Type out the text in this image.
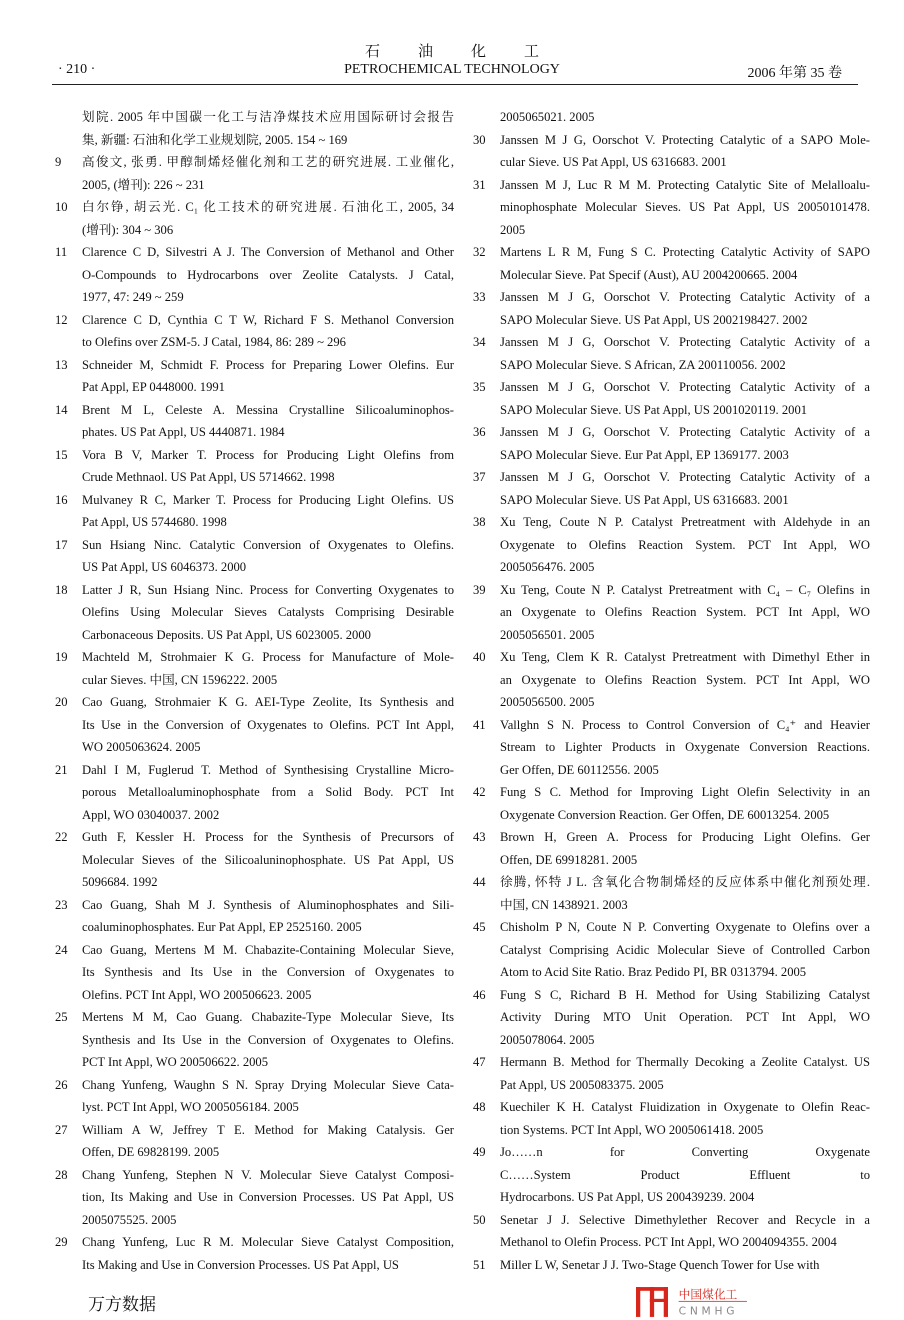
石油化工
· 210 ·	PETROCHEMICAL TECHNOLOGY	2006 年第 35 卷
划院. 2005 年中国碳一化工与洁净煤技术应用国际研讨会报告
集, 新疆: 石油和化学工业规划院, 2005. 154 ~ 169
9 高俊文, 张勇. 甲醇制烯烃催化剂和工艺的研究进展. 工业催化,
2005, (增刊): 226 ~ 231
10 白尔铮, 胡云光. C₁ 化工技术的研究进展. 石油化工, 2005, 34
(增刊): 304 ~ 306
11 Clarence C D, Silvestri A J. The Conversion of Methanol and Other
O-Compounds to Hydrocarbons over Zeolite Catalysts. J Catal,
1977, 47: 249 ~ 259
12 Clarence C D, Cynthia C T W, Richard F S. Methanol Conversion
to Olefins over ZSM-5. J Catal, 1984, 86: 289 ~ 296
13 Schneider M, Schmidt F. Process for Preparing Lower Olefins. Eur
Pat Appl, EP 0448000. 1991
14 Brent M L, Celeste A. Messina Crystalline Silicoaluminophos-
phates. US Pat Appl, US 4440871. 1984
15 Vora B V, Marker T. Process for Producing Light Olefins from
Crude Methnaol. US Pat Appl, US 5714662. 1998
16 Mulvaney R C, Marker T. Process for Producing Light Olefins. US
Pat Appl, US 5744680. 1998
17 Sun Hsiang Ninc. Catalytic Conversion of Oxygenates to Olefins.
US Pat Appl, US 6046373. 2000
18 Latter J R, Sun Hsiang Ninc. Process for Converting Oxygenates to
Olefins Using Molecular Sieves Catalysts Comprising Desirable
Carbonaceous Deposits. US Pat Appl, US 6023005. 2000
19 Machteld M, Strohmaier K G. Process for Manufacture of Mole-
cular Sieves. 中国, CN 1596222. 2005
20 Cao Guang, Strohmaier K G. AEI-Type Zeolite, Its Synthesis and
Its Use in the Conversion of Oxygenates to Olefins. PCT Int Appl,
WO 2005063624. 2005
21 Dahl I M, Fuglerud T. Method of Synthesising Crystalline Micro-
porous Metalloaluminophosphate from a Solid Body. PCT Int
Appl, WO 03040037. 2002
22 Guth F, Kessler H. Process for the Synthesis of Precursors of
Molecular Sieves of the Silicoaluninophosphate. US Pat Appl, US
5096684. 1992
23 Cao Guang, Shah M J. Synthesis of Aluminophosphates and Sili-
coaluminophosphates. Eur Pat Appl, EP 2525160. 2005
24 Cao Guang, Mertens M M. Chabazite-Containing Molecular Sieve,
Its Synthesis and Its Use in the Conversion of Oxygenates to
Olefins. PCT Int Appl, WO 200506623. 2005
25 Mertens M M, Cao Guang. Chabazite-Type Molecular Sieve, Its
Synthesis and Its Use in the Conversion of Oxygenates to Olefins.
PCT Int Appl, WO 200506622. 2005
26 Chang Yunfeng, Waughn S N. Spray Drying Molecular Sieve Cata-
lyst. PCT Int Appl, WO 2005056184. 2005
27 William A W, Jeffrey T E. Method for Making Catalysis. Ger
Offen, DE 69828199. 2005
28 Chang Yunfeng, Stephen N V. Molecular Sieve Catalyst Composi-
tion, Its Making and Use in Conversion Processes. US Pat Appl, US
2005075525. 2005
29 Chang Yunfeng, Luc R M. Molecular Sieve Catalyst Composition,
Its Making and Use in Conversion Processes. US Pat Appl, US
2005065021. 2005
30 Janssen M J G, Oorschot V. Protecting Catalytic of a SAPO Mole-
cular Sieve. US Pat Appl, US 6316683. 2001
31 Janssen M J, Luc R M M. Protecting Catalytic Site of Melalloalu-
minophosphate Molecular Sieves. US Pat Appl, US 20050101478.
2005
32 Martens L R M, Fung S C. Protecting Catalytic Activity of SAPO
Molecular Sieve. Pat Specif (Aust), AU 2004200665. 2004
33 Janssen M J G, Oorschot V. Protecting Catalytic Activity of a
SAPO Molecular Sieve. US Pat Appl, US 2002198427. 2002
34 Janssen M J G, Oorschot V. Protecting Catalytic Activity of a
SAPO Molecular Sieve. S African, ZA 200110056. 2002
35 Janssen M J G, Oorschot V. Protecting Catalytic Activity of a
SAPO Molecular Sieve. US Pat Appl, US 2001020119. 2001
36 Janssen M J G, Oorschot V. Protecting Catalytic Activity of a
SAPO Molecular Sieve. Eur Pat Appl, EP 1369177. 2003
37 Janssen M J G, Oorschot V. Protecting Catalytic Activity of a
SAPO Molecular Sieve. US Pat Appl, US 6316683. 2001
38 Xu Teng, Coute N P. Catalyst Pretreatment with Aldehyde in an
Oxygenate to Olefins Reaction System. PCT Int Appl, WO
2005056476. 2005
39 Xu Teng, Coute N P. Catalyst Pretreatment with C₄ – C₇ Olefins in
an Oxygenate to Olefins Reaction System. PCT Int Appl, WO
2005056501. 2005
40 Xu Teng, Clem K R. Catalyst Pretreatment with Dimethyl Ether in
an Oxygenate to Olefins Reaction System. PCT Int Appl, WO
2005056500. 2005
41 Vallghn S N. Process to Control Conversion of C₄⁺ and Heavier
Stream to Lighter Products in Oxygenate Conversion Reactions.
Ger Offen, DE 60112556. 2005
42 Fung S C. Method for Improving Light Olefin Selectivity in an
Oxygenate Conversion Reaction. Ger Offen, DE 60013254. 2005
43 Brown H, Green A. Process for Producing Light Olefins. Ger
Offen, DE 69918281. 2005
44 徐腾, 怀特 J L. 含氧化合物制烯烃的反应体系中催化剂预处理.
中国, CN 1438921. 2003
45 Chisholm P N, Coute N P. Converting Oxygenate to Olefins over a
Catalyst Comprising Acidic Molecular Sieve of Controlled Carbon
Atom to Acid Site Ratio. Braz Pedido PI, BR 0313794. 2005
46 Fung S C, Richard B H. Method for Using Stabilizing Catalyst
Activity During MTO Unit Operation. PCT Int Appl, WO
2005078064. 2005
47 Hermann B. Method for Thermally Decoking a Zeolite Catalyst. US
Pat Appl, US 2005083375. 2005
48 Kuechiler K H. Catalyst Fluidization in Oxygenate to Olefin Reac-
tion Systems. PCT Int Appl, WO 2005061418. 2005
49 Jo……n for Converting Oxygenate
C……System Product Effluent to
Hydrocarbons. US Pat Appl, US 200439239. 2004
50 Senetar J J. Selective Dimethylether Recover and Recycle in a
Methanol to Olefin Process. PCT Int Appl, WO 2004094355. 2004
51 Miller L W, Senetar J J. Two-Stage Quench Tower for Use with
中国煤化工
CNMHG
万方数据
